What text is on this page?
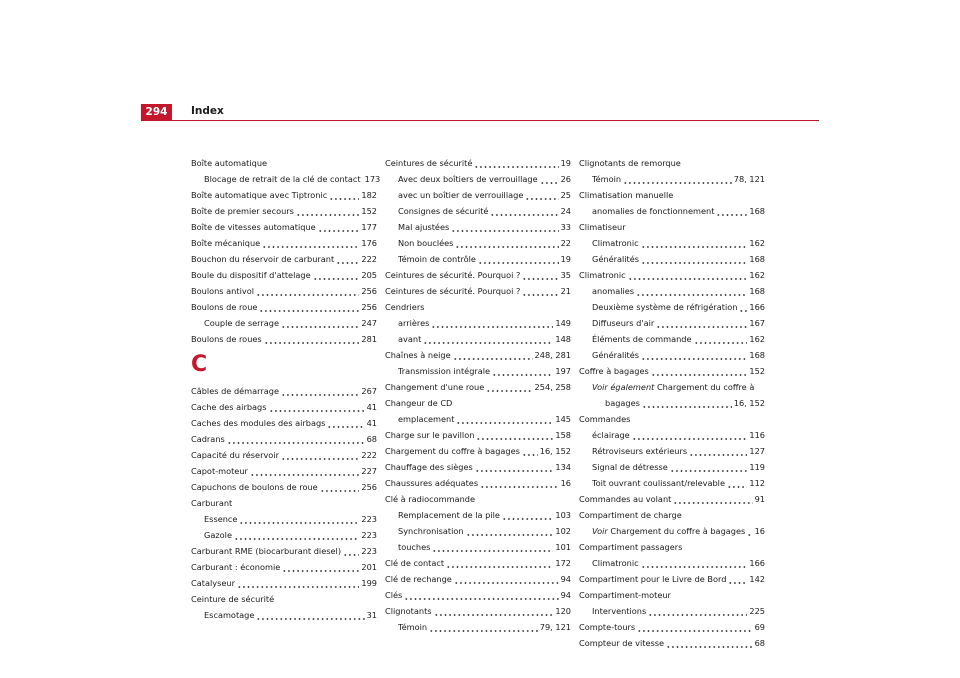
294	Index
Boîte automatique
Blocage de retrait de la clé de contact 173
Boîte automatique avec Tiptronic	182
Boîte de premier secours	152
Boîte de vitesses automatique	177
Boîte mécanique	176
Bouchon du réservoir de carburant	222
Boule du dispositif d'attelage	205
Boulons antivol	256
Boulons de roue	256
Couple de serrage	247
Boulons de roues	281
C
Câbles de démarrage	267
Cache des airbags	41
Caches des modules des airbags	41
Cadrans	68
Capacité du réservoir	222
Capot-moteur	227
Capuchons de boulons de roue	256
Carburant
Essence	223
Gazole	223
Carburant RME (biocarburant diesel) 223
Carburant : économie	201
Catalyseur	199
Ceinture de sécurité
Escamotage	31
Ceintures de sécurité	19
Avec deux boîtiers de verrouillage	26
avec un boîtier de verrouillage	25
Consignes de sécurité	24
Mal ajustées	33
Non bouclées	22
Témoin de contrôle	19
Ceintures de sécurité. Pourquoi ?	35
Ceintures de sécurité. Pourquoi ?	21
Cendriers
arrières	149
avant	148
Chaînes à neige	248, 281
Transmission intégrale	197
Changement d'une roue	254, 258
Changeur de CD
emplacement	145
Charge sur le pavillon	158
Chargement du coffre à bagages 16, 152
Chauffage des sièges	134
Chaussures adéquates	16
Clé à radiocommande
Remplacement de la pile	103
Synchronisation	102
touches	101
Clé de contact	172
Clé de rechange	94
Clés	94
Clignotants	120
Témoin	79, 121
Clignotants de remorque
Témoin	78, 121
Climatisation manuelle
anomalies de fonctionnement	168
Climatiseur
Climatronic	162
Généralités	168
Climatronic	162
anomalies	168
Deuxième système de réfrigération 166
Diffuseurs d'air	167
Éléments de commande	162
Généralités	168
Coffre à bagages	152
Voir également Chargement du coffre à
bagages	16, 152
Commandes
éclairage	116
Rétroviseurs extérieurs	127
Signal de détresse	119
Toit ouvrant coulissant/relevable	112
Commandes au volant	91
Compartiment de charge
Voir Chargement du coffre à bagages 16
Compartiment passagers
Climatronic	166
Compartiment pour le Livre de Bord	142
Compartiment-moteur
Interventions	225
Compte-tours	69
Compteur de vitesse	68
